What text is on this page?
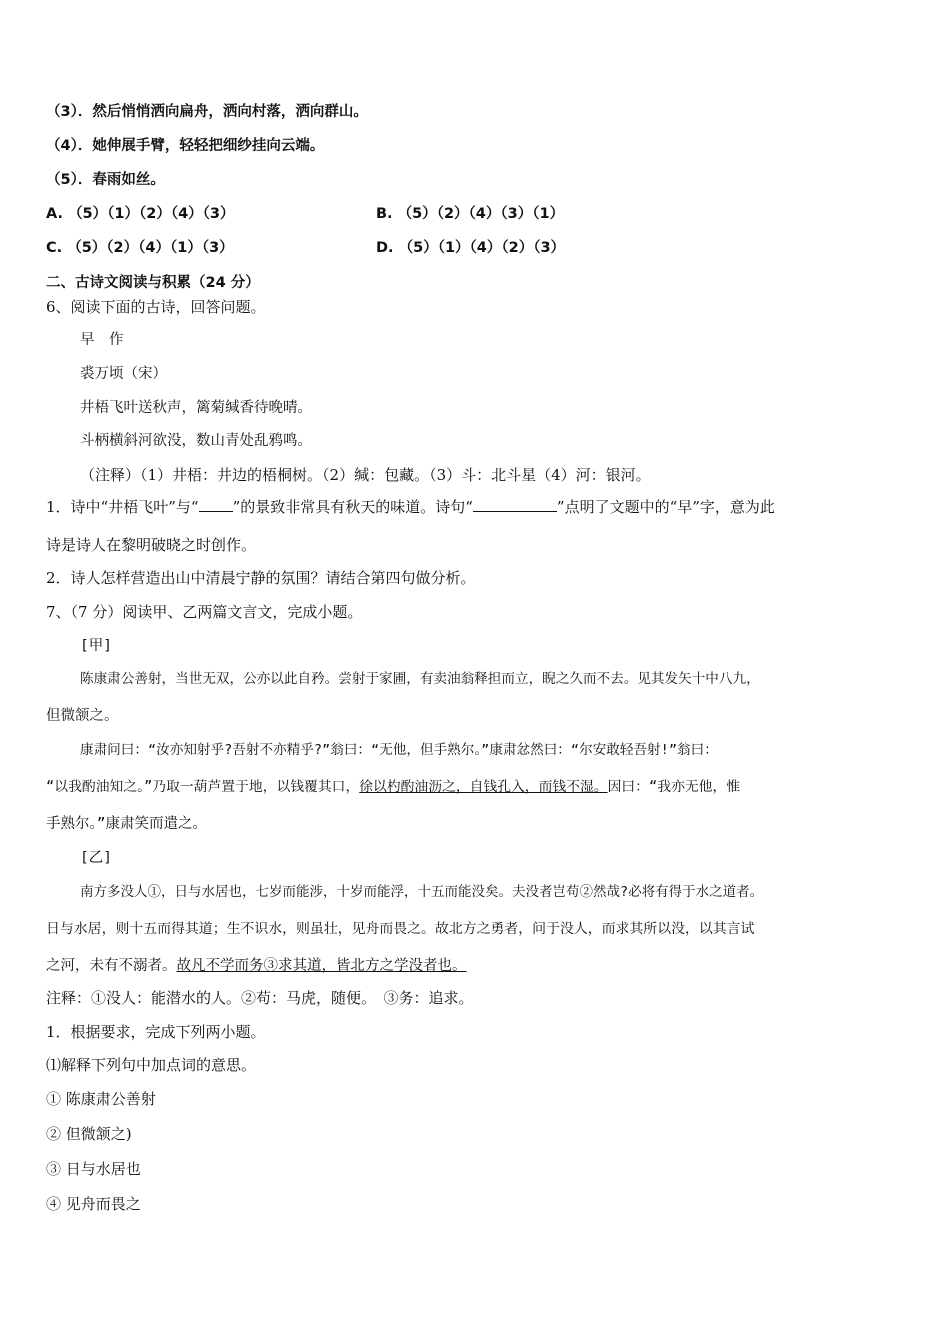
（3）．然后悄悄洒向扁舟，洒向村落，洒向群山。
（4）．她伸展手臂，轻轻把细纱挂向云端。
（5）．春雨如丝。
A. （5）（1）（2）（4）（3）	B. （5）（2）（4）（3）（1）
C. （5）（2）（4）（1）（3）	D. （5）（1）（4）（2）（3）
二、古诗文阅读与积累（24 分）
6、阅读下面的古诗，回答问题。
早　作
裘万顷（宋）
井梧飞叶送秋声，篱菊缄香待晚晴。
斗柄横斜河欲没，数山青处乱鸦鸣。
（注释）（1）井梧：井边的梧桐树。（2）缄：包藏。（3）斗：北斗星（4）河：银河。
1．诗中“井梧飞叶”与“ ”的景致非常具有秋天的味道。诗句“	”点明了文题中的“早”字，意为此
诗是诗人在黎明破晓之时创作。
2．诗人怎样营造出山中清晨宁静的氛围？请结合第四句做分析。
7、（7 分）阅读甲、乙两篇文言文，完成小题。
[甲]
陈康肃公善射，当世无双，公亦以此自矜。尝射于家圃，有卖油翁释担而立，睨之久而不去。见其发矢十中八九，
但微颔之。
康肃问曰：“汝亦知射乎?吾射不亦精乎?”翁曰：“无他，但手熟尔。”康肃忿然曰：“尔安敢轻吾射!”翁曰：
“以我酌油知之。”乃取一葫芦置于地，以钱覆其口，徐以杓酌油沥之，自钱孔入，而钱不湿。因曰：“我亦无他，惟
手熟尔。”康肃笑而遣之。
[乙]
南方多没人①，日与水居也，七岁而能涉，十岁而能浮，十五而能没矣。夫没者岂苟②然哉?必将有得于水之道者。
日与水居，则十五而得其道；生不识水，则虽壮，见舟而畏之。故北方之勇者，问于没人，而求其所以没，以其言试
之河，未有不溺者。故凡不学而务③求其道，皆北方之学没者也。
注释：①没人：能潜水的人。②苟：马虎，随便。　③务：追求。
1．根据要求，完成下列两小题。
⑴解释下列句中加点词的意思。
① 陈康肃公善射
② 但微颔之)
③ 日与水居也
④ 见舟而畏之
